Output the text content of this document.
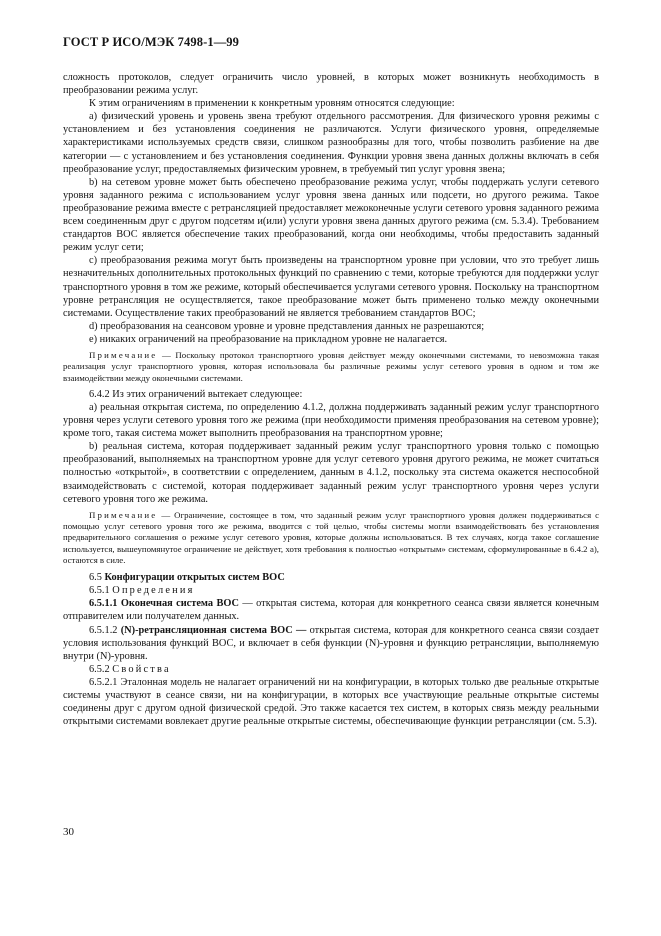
ГОСТ Р ИСО/МЭК 7498-1—99

сложность протоколов, следует ограничить число уровней, в которых может возникнуть необходимость в преобразовании режима услуг.

К этим ограничениям в применении к конкретным уровням относятся следующие:

a) физический уровень и уровень звена требуют отдельного рассмотрения. Для физического уровня режимы с установлением и без установления соединения не различаются. Услуги физического уровня, определяемые характеристиками используемых средств связи, слишком разнообразны для того, чтобы позволить разбиение на две категории — с установлением и без установления соединения. Функции уровня звена данных должны включать в себя преобразование услуг, предоставляемых физическим уровнем, в требуемый тип услуг уровня звена;

b) на сетевом уровне может быть обеспечено преобразование режима услуг, чтобы поддержать услуги сетевого уровня заданного режима с использованием услуг уровня звена данных или подсети, но другого режима. Такое преобразование режима вместе с ретрансляцией предоставляет межоконечные услуги сетевого уровня заданного режима всем соединенным друг с другом подсетям и(или) услуги уровня звена данных другого режима (см. 5.3.4). Требованием стандартов ВОС является обеспечение таких преобразований, когда они необходимы, чтобы предоставить заданный режим услуг сети;

c) преобразования режима могут быть произведены на транспортном уровне при условии, что это требует лишь незначительных дополнительных протокольных функций по сравнению с теми, которые требуются для поддержки услуг транспортного уровня в том же режиме, который обеспечивается услугами сетевого уровня. Поскольку на транспортном уровне ретрансляция не осуществляется, такое преобразование может быть применено только между оконечными системами. Осуществление таких преобразований не является требованием стандартов ВОС;

d) преобразования на сеансовом уровне и уровне представления данных не разрешаются;

e) никаких ограничений на преобразование на прикладном уровне не налагается.

Примечание — Поскольку протокол транспортного уровня действует между оконечными системами, то невозможна такая реализация услуг транспортного уровня, которая использовала бы различные режимы услуг сетевого уровня в одном и том же взаимодействии между оконечными системами.

6.4.2 Из этих ограничений вытекает следующее:

a) реальная открытая система, по определению 4.1.2, должна поддерживать заданный режим услуг транспортного уровня через услуги сетевого уровня того же режима (при необходимости применяя преобразования на сетевом уровне); кроме того, такая система может выполнить преобразования на транспортном уровне;

b) реальная система, которая поддерживает заданный режим услуг транспортного уровня только с помощью преобразований, выполняемых на транспортном уровне для услуг сетевого уровня другого режима, не может считаться полностью «открытой», в соответствии с определением, данным в 4.1.2, поскольку эта система окажется неспособной взаимодействовать с системой, которая поддерживает заданный режим услуг транспортного уровня через услуги сетевого уровня того же режима.

Примечание — Ограничение, состоящее в том, что заданный режим услуг транспортного уровня должен поддерживаться с помощью услуг сетевого уровня того же режима, вводится с той целью, чтобы системы могли взаимодействовать без установления предварительного соглашения о режиме услуг сетевого уровня, которые должны использоваться. В тех случаях, когда такое соглашение используется, вышеупомянутое ограничение не действует, хотя требования к полностью «открытым» системам, сформулированные в 6.4.2 a), остаются в силе.

6.5 Конфигурации открытых систем ВОС

6.5.1 Определения

6.5.1.1 Оконечная система ВОС — открытая система, которая для конкретного сеанса связи является конечным отправителем или получателем данных.

6.5.1.2 (N)-ретрансляционная система ВОС — открытая система, которая для конкретного сеанса связи создает условия использования функций ВОС, и включает в себя функции (N)-уровня и функцию ретрансляции, выполняемую внутри (N)-уровня.

6.5.2 Свойства

6.5.2.1 Эталонная модель не налагает ограничений ни на конфигурации, в которых только две реальные открытые системы участвуют в сеансе связи, ни на конфигурации, в которых все участвующие реальные открытые системы соединены друг с другом одной физической средой. Это также касается тех систем, в которых связь между реальными открытыми системами вовлекает другие реальные открытые системы, обеспечивающие функции ретрансляции (см. 5.3).

30
